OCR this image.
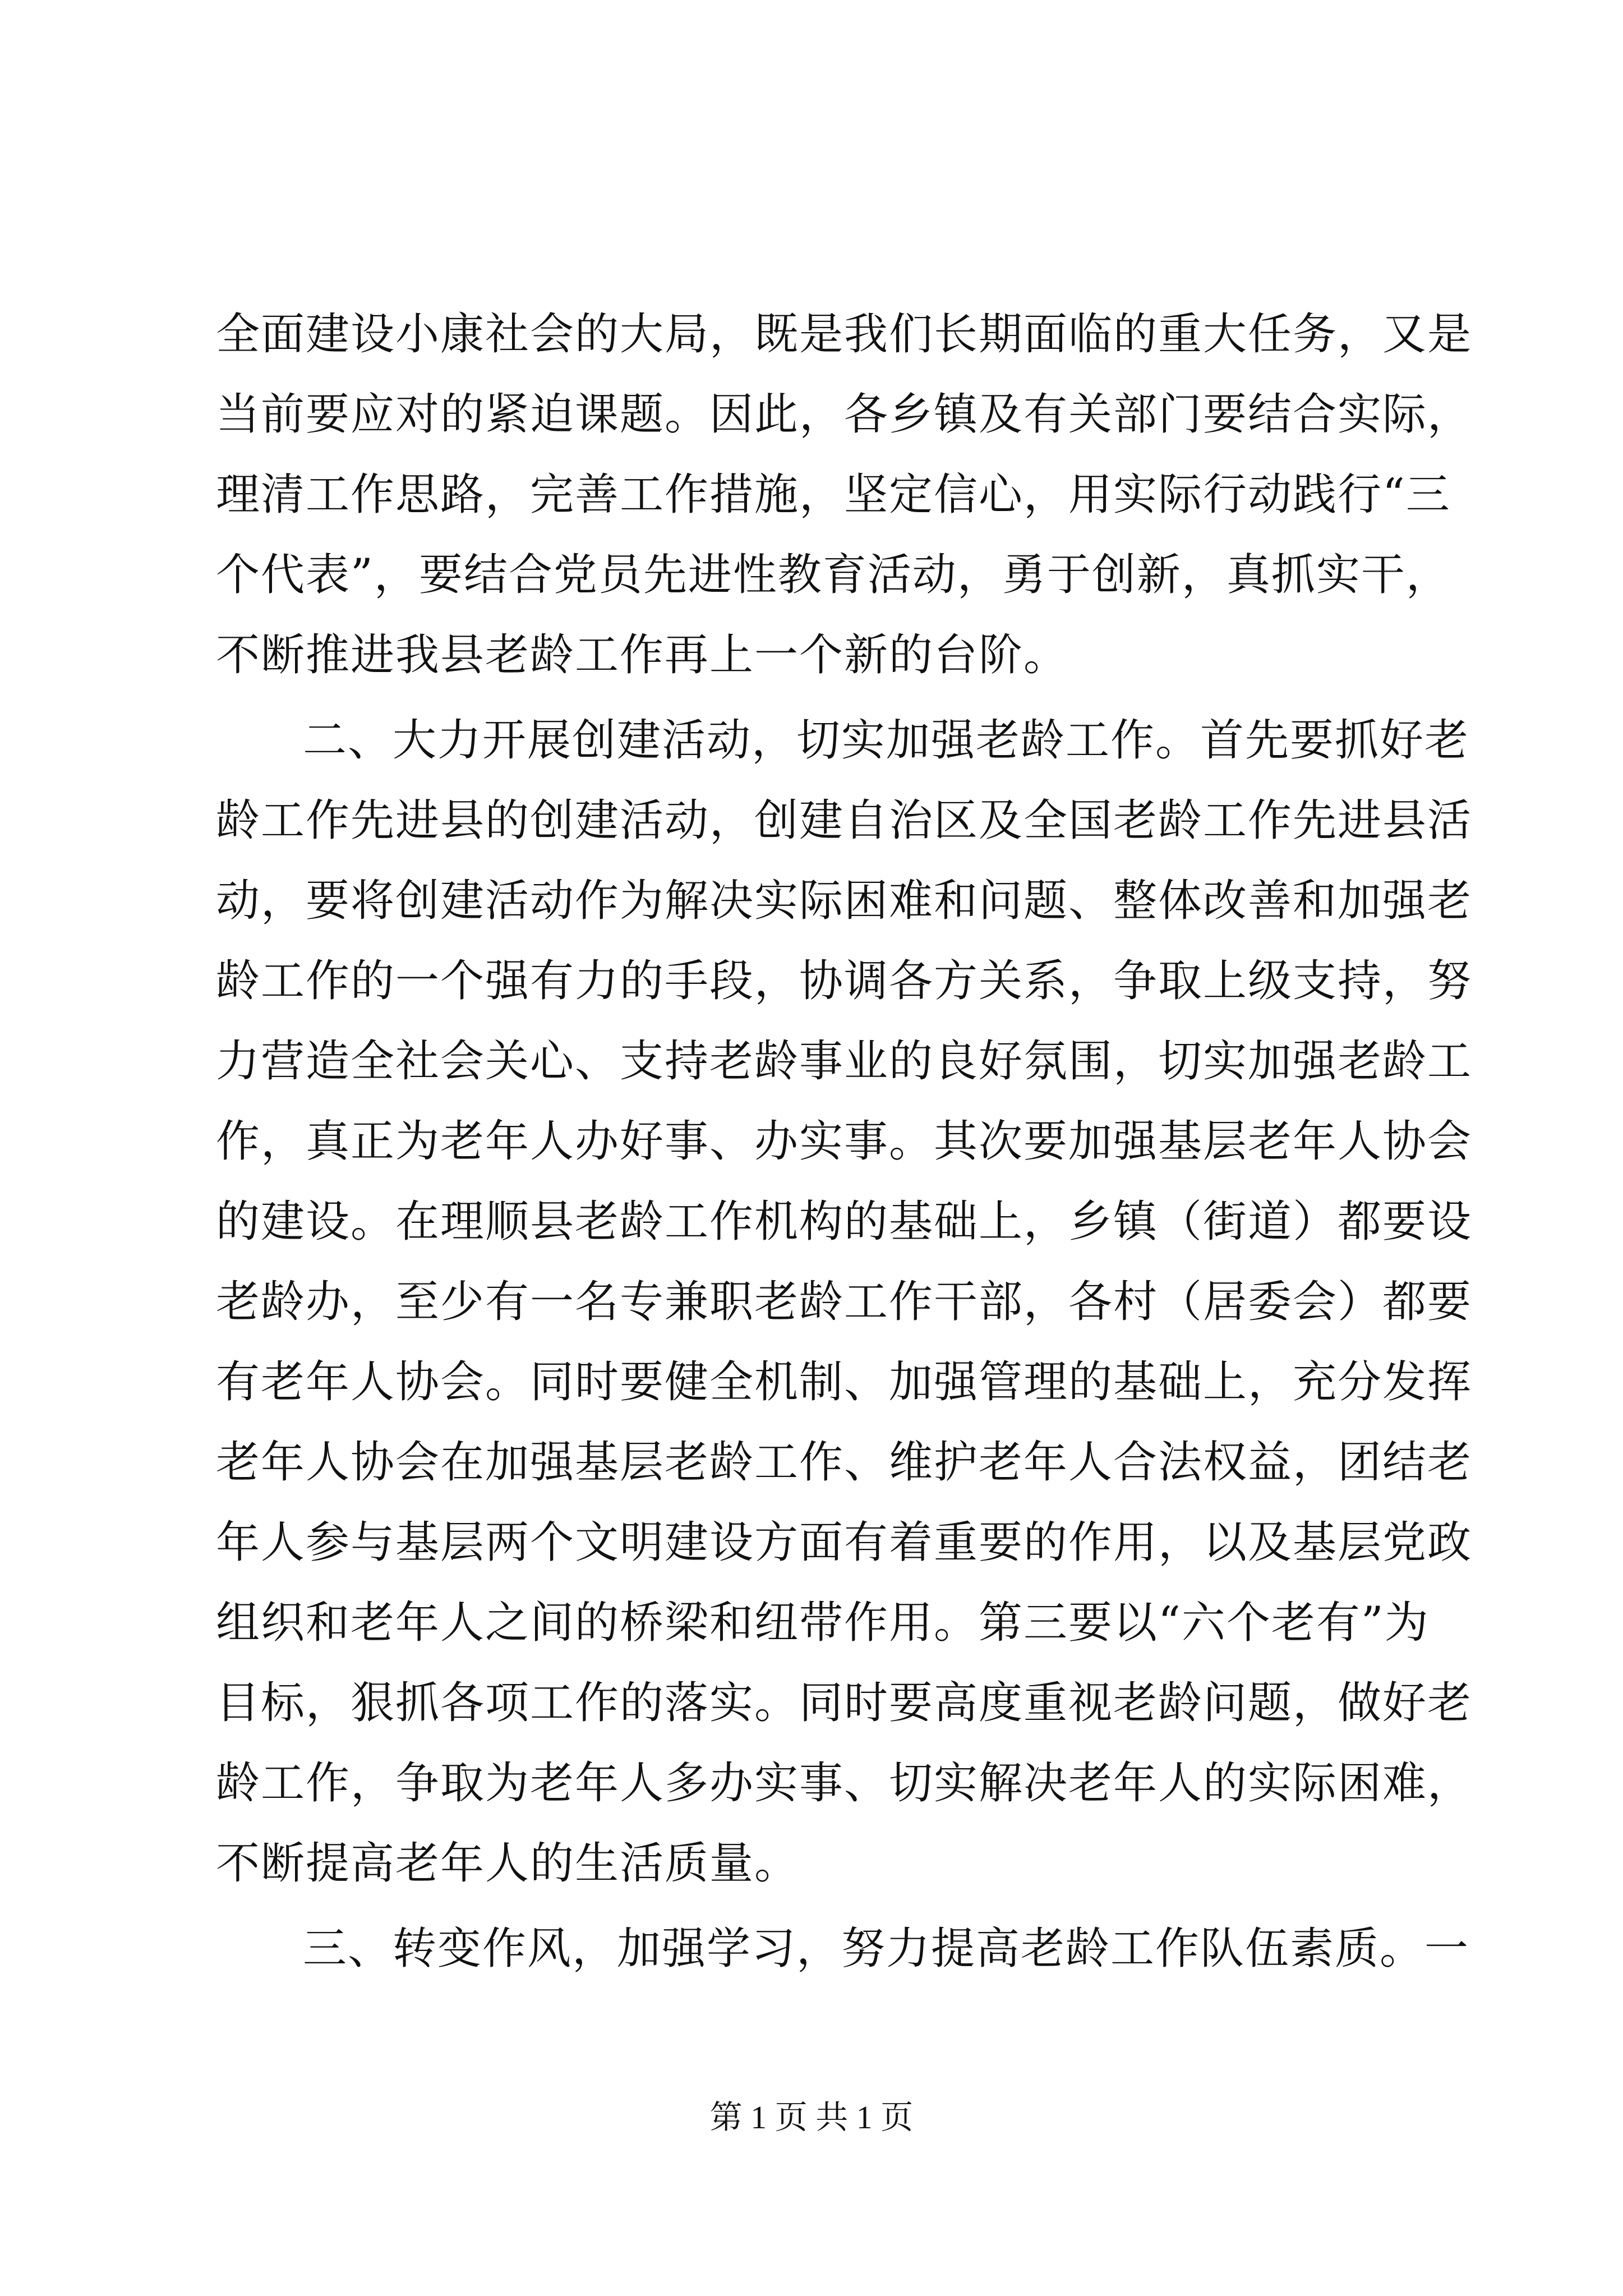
全面建设小康社会的大局，既是我们长期面临的重大任务，又是
当前要应对的紧迫课题。因此，各乡镇及有关部门要结合实际，
理清工作思路，完善工作措施，坚定信心，用实际行动践行“三
个代表”，要结合党员先进性教育活动，勇于创新，真抓实干，
不断推进我县老龄工作再上一个新的台阶。
二、大力开展创建活动，切实加强老龄工作。首先要抓好老
龄工作先进县的创建活动，创建自治区及全国老龄工作先进县活
动，要将创建活动作为解决实际困难和问题、整体改善和加强老
龄工作的一个强有力的手段，协调各方关系，争取上级支持，努
力营造全社会关心、支持老龄事业的良好氛围，切实加强老龄工
作，真正为老年人办好事、办实事。其次要加强基层老年人协会
的建设。在理顺县老龄工作机构的基础上，乡镇（街道）都要设
老龄办，至少有一名专兼职老龄工作干部，各村（居委会）都要
有老年人协会。同时要健全机制、加强管理的基础上，充分发挥
老年人协会在加强基层老龄工作、维护老年人合法权益，团结老
年人参与基层两个文明建设方面有着重要的作用，以及基层党政
组织和老年人之间的桥梁和纽带作用。第三要以“六个老有”为
目标，狠抓各项工作的落实。同时要高度重视老龄问题，做好老
龄工作，争取为老年人多办实事、切实解决老年人的实际困难，
不断提高老年人的生活质量。
三、转变作风，加强学习，努力提高老龄工作队伍素质。一
第 1 页 共 1 页
